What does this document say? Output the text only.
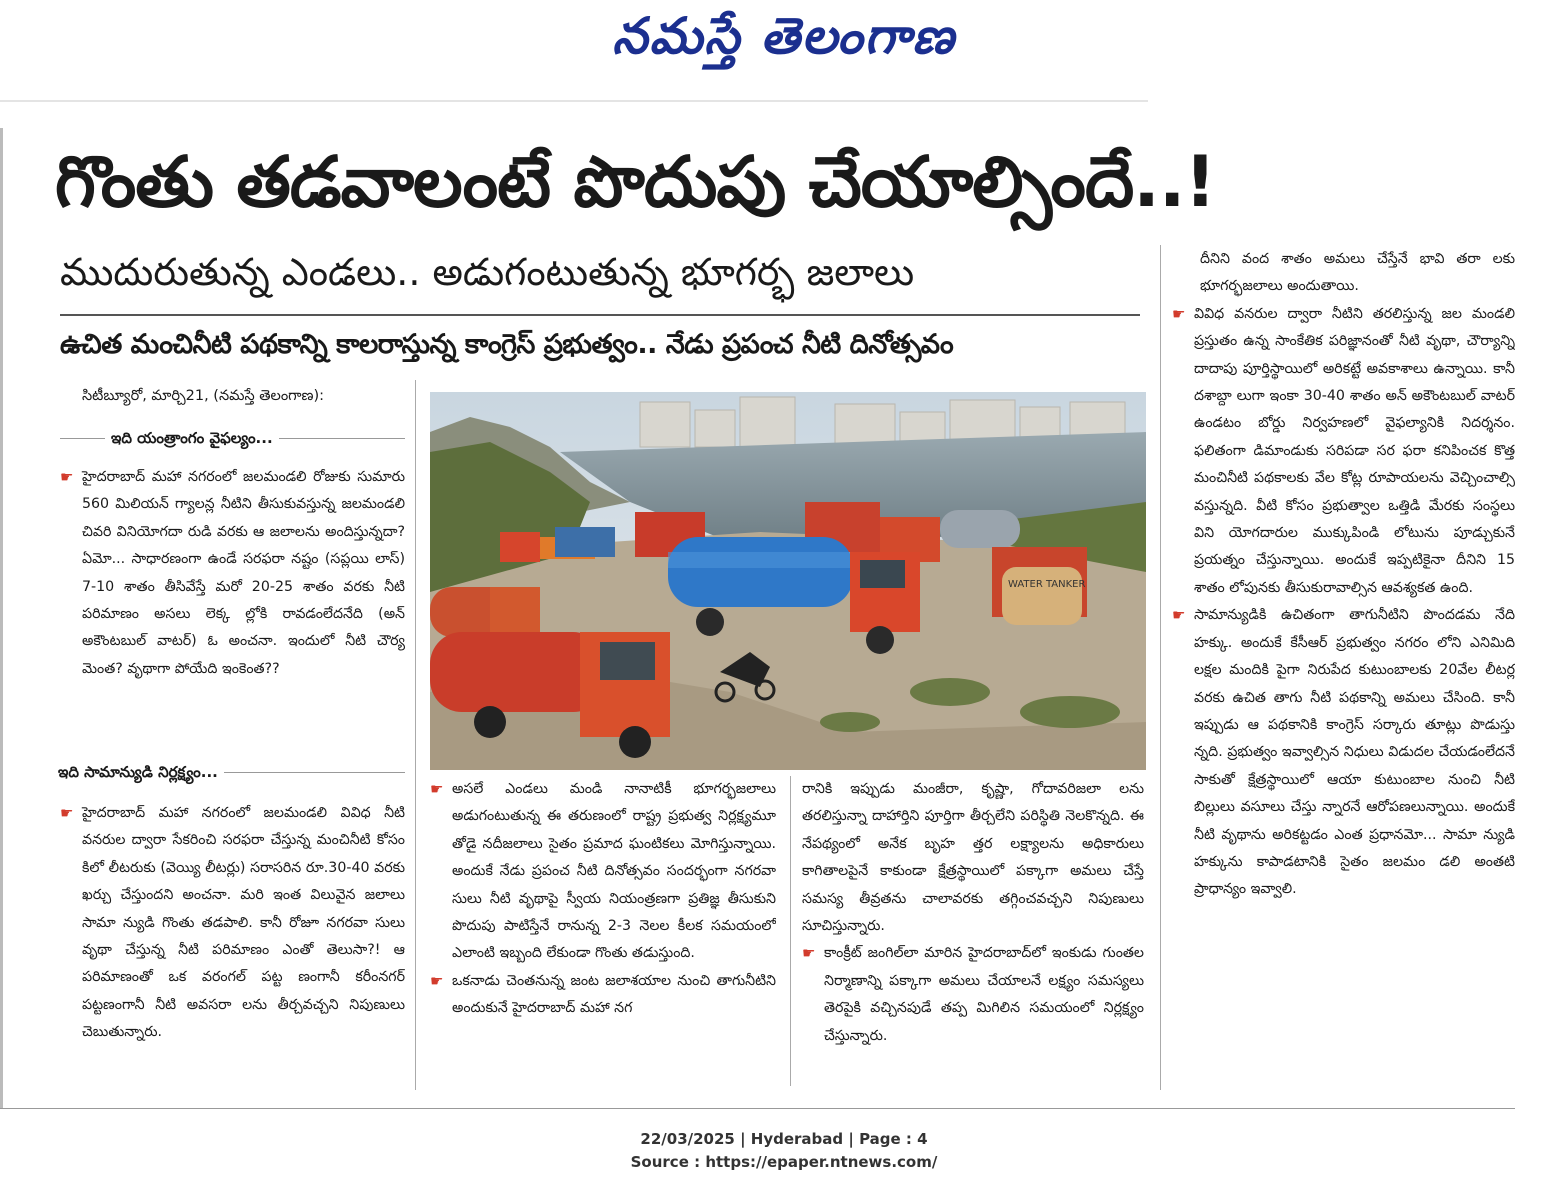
నమస్తే తెలంగాణ
గొంతు తడవాలంటే పొదుపు చేయాల్సిందే..!
ముదురుతున్న ఎండలు.. అడుగంటుతున్న భూగర్భ జలాలు
ఉచిత మంచినీటి పథకాన్ని కాలరాస్తున్న కాంగ్రెస్ ప్రభుత్వం.. నేడు ప్రపంచ నీటి దినోత్సవం
సిటీబ్యూరో, మార్చి21, (నమస్తే తెలంగాణ):
ఇది యంత్రాంగం వైఫల్యం...

☛ హైదరాబాద్ మహా నగరంలో జలమండలి రోజుకు సుమారు 560 మిలియన్ గ్యాలన్ల నీటిని తీసుకువస్తున్న జలమండలి చివరి వినియోగదా రుడి వరకు ఆ జలాలను అందిస్తున్నదా? ఏమో... సాధారణంగా ఉండే సరఫరా నష్టం (సప్లయి లాస్) 7-10 శాతం తీసివేస్తే మరో 20-25 శాతం వరకు నీటి పరిమాణం అసలు లెక్క ల్లోకి రావడంలేదనేది (అన్ అకౌంటబుల్ వాటర్) ఓ అంచనా. ఇందులో నీటి చౌర్య మెంత? వృథాగా పోయేది ఇంకెంత??

ఇది సామాన్యుడి నిర్లక్ష్యం...

☛ హైదరాబాద్ మహా నగరంలో జలమండలి వివిధ నీటి వనరుల ద్వారా సేకరించి సరఫరా చేస్తున్న మంచినీటి కోసం కిలో లీటరుకు (వెయ్యి లీటర్లు) సరాసరిన రూ.30-40 వరకు ఖర్చు చేస్తుందని అంచనా. మరి ఇంత విలువైన జలాలు సామా న్యుడి గొంతు తడపాలి. కానీ రోజూ నగరవా సులు వృథా చేస్తున్న నీటి పరిమాణం ఎంతో తెలుసా?! ఆ పరిమాణంతో ఒక వరంగల్ పట్ట ణంగానీ కరీంనగర్ పట్టణంగానీ నీటి అవసరా లను తీర్చవచ్చని నిపుణులు చెబుతున్నారు.

WATER TANKER

☛ అసలే ఎండలు మండి నానాటికీ భూగర్భజలాలు అడుగంటుతున్న ఈ తరుణంలో రాష్ట్ర ప్రభుత్వ నిర్లక్ష్యమూ తోడై నదీజలాలు సైతం ప్రమాద ఘంటికలు మోగిస్తున్నాయి. అందుకే నేడు ప్రపంచ నీటి దినోత్సవం సందర్భంగా నగరవా సులు నీటి వృథాపై స్వీయ నియంత్రణగా ప్రతిజ్ఞ తీసుకుని పొదుపు పాటిస్తేనే రానున్న 2-3 నెలల కీలక సమయంలో ఎలాంటి ఇబ్బంది లేకుండా గొంతు తడుస్తుంది.

☛ ఒకనాడు చెంతనున్న జంట జలాశయాల నుంచి తాగునీటిని అందుకునే హైదరాబాద్ మహా నగ

రానికి ఇప్పుడు మంజీరా, కృష్ణా, గోదావరిజలా లను తరలిస్తున్నా దాహార్తిని పూర్తిగా తీర్చలేని పరిస్థితి నెలకొన్నది. ఈ నేపథ్యంలో అనేక బృహ త్తర లక్ష్యాలను అధికారులు కాగితాలపైనే కాకుండా క్షేత్రస్థాయిలో పక్కాగా అమలు చేస్తే సమస్య తీవ్రతను చాలావరకు తగ్గించవచ్చని నిపుణులు సూచిస్తున్నారు.

☛ కాంక్రీట్ జంగిల్‌లా మారిన హైదరాబాద్‌లో ఇంకుడు గుంతల నిర్మాణాన్ని పక్కాగా అమలు చేయాలనే లక్ష్యం సమస్యలు తెరపైకి వచ్చినపుడే తప్ప మిగిలిన సమయంలో నిర్లక్ష్యం చేస్తున్నారు.

దీనిని వంద శాతం అమలు చేస్తేనే భావి తరా లకు భూగర్భజలాలు అందుతాయి.

☛ వివిధ వనరుల ద్వారా నీటిని తరలిస్తున్న జల మండలి ప్రస్తుతం ఉన్న సాంకేతిక పరిజ్ఞానంతో నీటి వృథా, చౌర్యాన్ని దాదాపు పూర్తిస్థాయిలో అరికట్టే అవకాశాలు ఉన్నాయి. కానీ దశాబ్దా లుగా ఇంకా 30-40 శాతం అన్ అకౌంటబుల్ వాటర్ ఉండటం బోర్డు నిర్వహణలో వైఫల్యానికి నిదర్శనం. ఫలితంగా డిమాండుకు సరిపడా సర ఫరా కనిపించక కొత్త మంచినీటి పథకాలకు వేల కోట్ల రూపాయలను వెచ్చించాల్సి వస్తున్నది. వీటి కోసం ప్రభుత్వాల ఒత్తిడి మేరకు సంస్థలు విని యోగదారుల ముక్కుపిండి లోటును పూడ్చుకునే ప్రయత్నం చేస్తున్నాయి. అందుకే ఇప్పటికైనా దీనిని 15 శాతం లోపునకు తీసుకురావాల్సిన ఆవశ్యకత ఉంది.

☛ సామాన్యుడికి ఉచితంగా తాగునీటిని పొందడమ నేది హక్కు. అందుకే కేసీఆర్ ప్రభుత్వం నగరం లోని ఎనిమిది లక్షల మందికి పైగా నిరుపేద కుటుంబాలకు 20వేల లీటర్ల వరకు ఉచిత తాగు నీటి పథకాన్ని అమలు చేసింది. కానీ ఇప్పుడు ఆ పథకానికి కాంగ్రెస్ సర్కారు తూట్లు పొడుస్తు న్నది. ప్రభుత్వం ఇవ్వాల్సిన నిధులు విడుదల చేయడంలేదనే సాకుతో క్షేత్రస్థాయిలో ఆయా కుటుంబాల నుంచి నీటి బిల్లులు వసూలు చేస్తు న్నారనే ఆరోపణలున్నాయి. అందుకే నీటి వృథాను అరికట్టడం ఎంత ప్రధానమో... సామా న్యుడి హక్కును కాపాడటానికి సైతం జలమం డలి అంతటి ప్రాధాన్యం ఇవ్వాలి.

22/03/2025 | Hyderabad | Page : 4
Source : https://epaper.ntnews.com/
